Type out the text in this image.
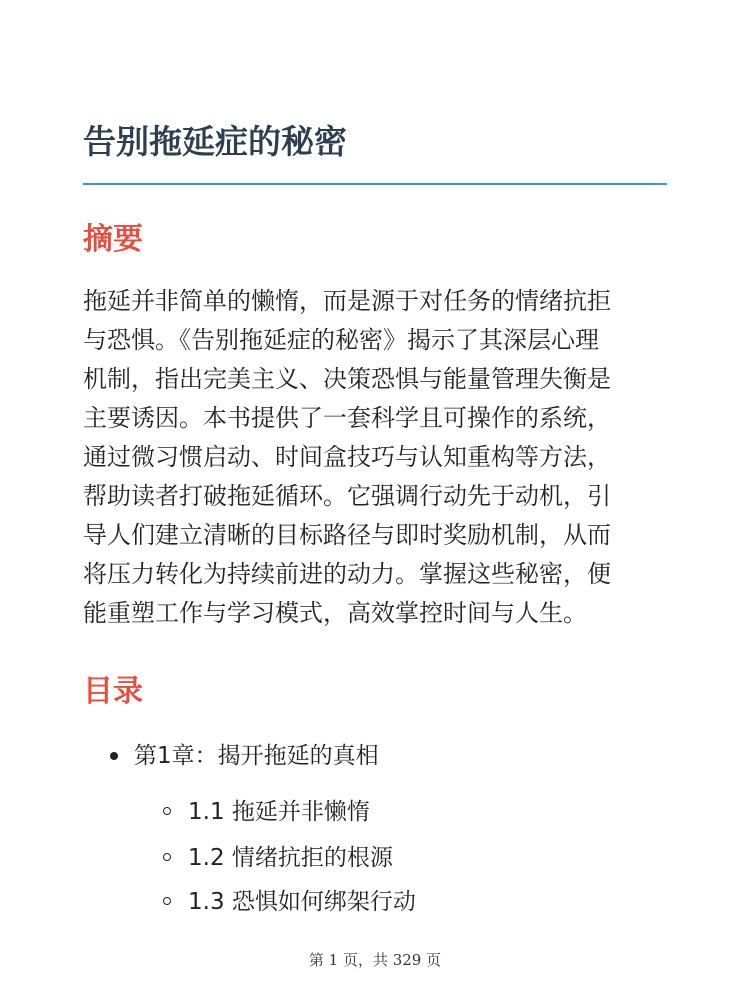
告别拖延症的秘密
摘要
拖延并非简单的懒惰，而是源于对任务的情绪抗拒
与恐惧。《告别拖延症的秘密》揭示了其深层心理
机制，指出完美主义、决策恐惧与能量管理失衡是
主要诱因。本书提供了一套科学且可操作的系统，
通过微习惯启动、时间盒技巧与认知重构等方法，
帮助读者打破拖延循环。它强调行动先于动机，引
导人们建立清晰的目标路径与即时奖励机制，从而
将压力转化为持续前进的动力。掌握这些秘密，便
能重塑工作与学习模式，高效掌控时间与人生。
目录
第1章：揭开拖延的真相
1.1 拖延并非懒惰
1.2 情绪抗拒的根源
1.3 恐惧如何绑架行动
第 1 页，共 329 页
